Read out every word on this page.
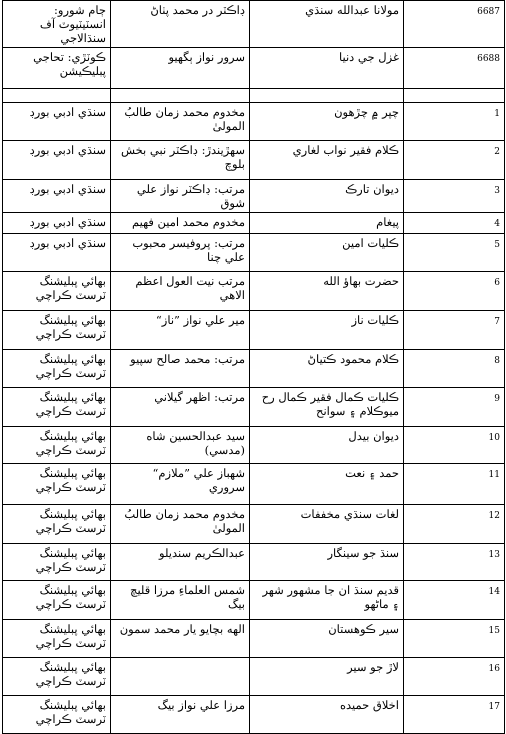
ڄام شورو: انسٽيٽيوٽ آف سنڌالاجي	ڊاڪٽر در محمد پٺاڻ	مولانا عبدالله سنڌي	6687
ڪوٽڙي: تحاجي پبليڪيشن	سرور نواز ٻگهيو	غزل جي دنيا	6688

سنڌي ادبي بورڊ	مخدوم محمد زمان طالبُ المولىٰ	چپر ۾ چڙهون	1
سنڌي ادبي بورڊ	سهڙيندڙ: ڊاڪٽر نبي بخش بلوچ	ڪلام فقير نواب لغاري	2
سنڌي ادبي بورڊ	مرتب: ڊاڪٽر نواز علي شوق	ديوان تارڪ	3
سنڌي ادبي بورڊ	مخدوم محمد امين فهيم	پيغام	4
سنڌي ادبي بورڊ	مرتب: پروفيسر محبوب علي چنا	ڪليات امين	5
بهائي پبليشنگ ٽرسٽ ڪراچي	مرتب نيت العول اعظم الاهي	حضرت بهاؤ الله	6
بهائي پبليشنگ ٽرسٽ ڪراچي	مير علي نواز ”ناز“	ڪليات ناز	7
بهائي پبليشنگ ٽرسٽ ڪراچي	مرتب: محمد صالح سپيو	ڪلام محمود ڪتياڻ	8
بهائي پبليشنگ ٽرسٽ ڪراچي	مرتب: اظهر گيلاني	ڪليات ڪمال فقير ڪمال رح ميوڪلام ۽ سوانح	9
بهائي پبليشنگ ٽرسٽ ڪراچي	سيد عبدالحسين شاه (مدسي)	ديوان بيدل	10
بهائي پبليشنگ ٽرسٽ ڪراچي	شهباز علي ”ملازم“ سروري	حمد ۽ نعت	11
بهائي پبليشنگ ٽرسٽ ڪراچي	مخدوم محمد زمان طالبُ المولىٰ	لغات سنڌي مخففات	12
بهائي پبليشنگ ٽرسٽ ڪراچي	عبدالڪريم سنديلو	سنڌ جو سينگار	13
بهائي پبليشنگ ٽرسٽ ڪراچي	شمس العلماءِ مرزا قليچ بيگ	قديم سنڌ ان جا مشهور شهر ۽ ماڻهو	14
بهائي پبليشنگ ٽرسٽ ڪراچي	الهه بچايو يار محمد سمون	سير ڪوهستان	15
بهائي پبليشنگ ٽرسٽ ڪراچي		لاڙ جو سير	16
بهائي پبليشنگ ٽرسٽ ڪراچي	مرزا علي نواز بيگ	اخلاق حميده	17
